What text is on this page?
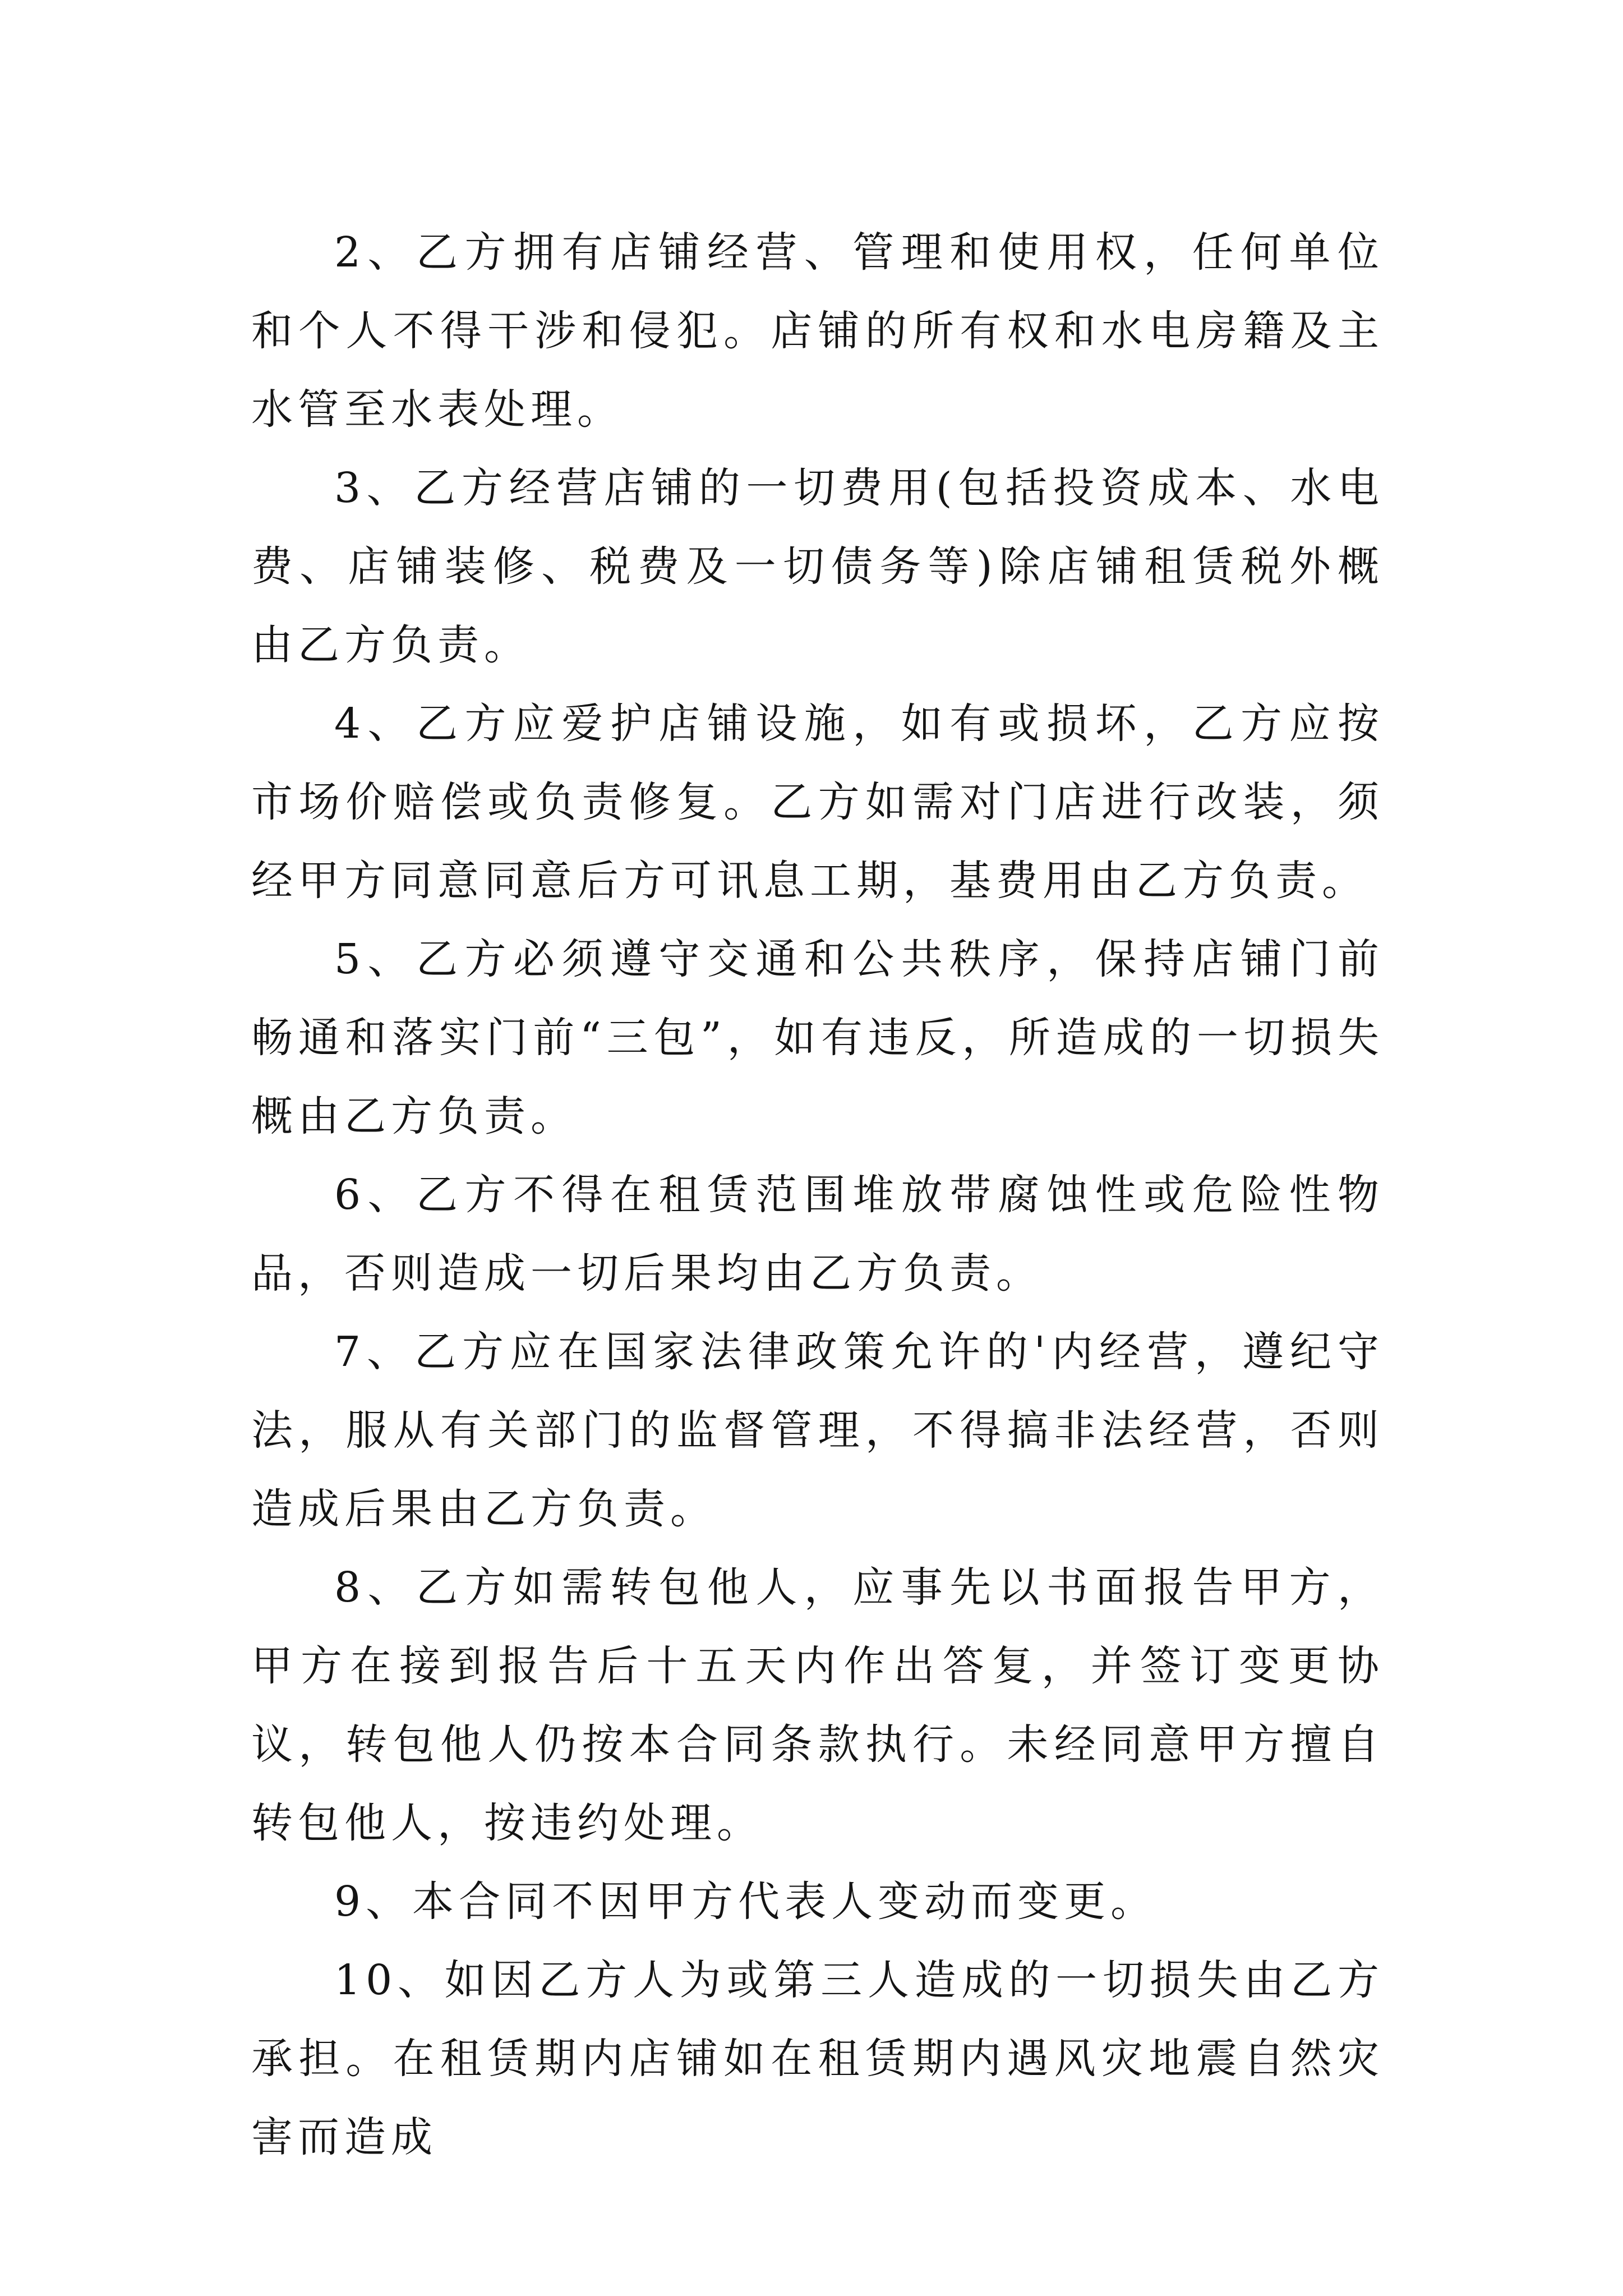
2、乙方拥有店铺经营、管理和使用权，任何单位和个人不得干涉和侵犯。店铺的所有权和水电房籍及主水管至水表处理。

3、乙方经营店铺的一切费用(包括投资成本、水电费、店铺装修、税费及一切债务等)除店铺租赁税外概由乙方负责。

4、乙方应爱护店铺设施，如有或损坏，乙方应按市场价赔偿或负责修复。乙方如需对门店进行改装，须经甲方同意同意后方可讯息工期，基费用由乙方负责。

5、乙方必须遵守交通和公共秩序，保持店铺门前畅通和落实门前“三包”，如有违反，所造成的一切损失概由乙方负责。

6、乙方不得在租赁范围堆放带腐蚀性或危险性物品，否则造成一切后果均由乙方负责。

7、乙方应在国家法律政策允许的'内经营，遵纪守法，服从有关部门的监督管理，不得搞非法经营，否则造成后果由乙方负责。

8、乙方如需转包他人，应事先以书面报告甲方，甲方在接到报告后十五天内作出答复，并签订变更协议，转包他人仍按本合同条款执行。未经同意甲方擅自转包他人，按违约处理。

9、本合同不因甲方代表人变动而变更。

10、如因乙方人为或第三人造成的一切损失由乙方承担。在租赁期内店铺如在租赁期内遇风灾地震自然灾害而造成
